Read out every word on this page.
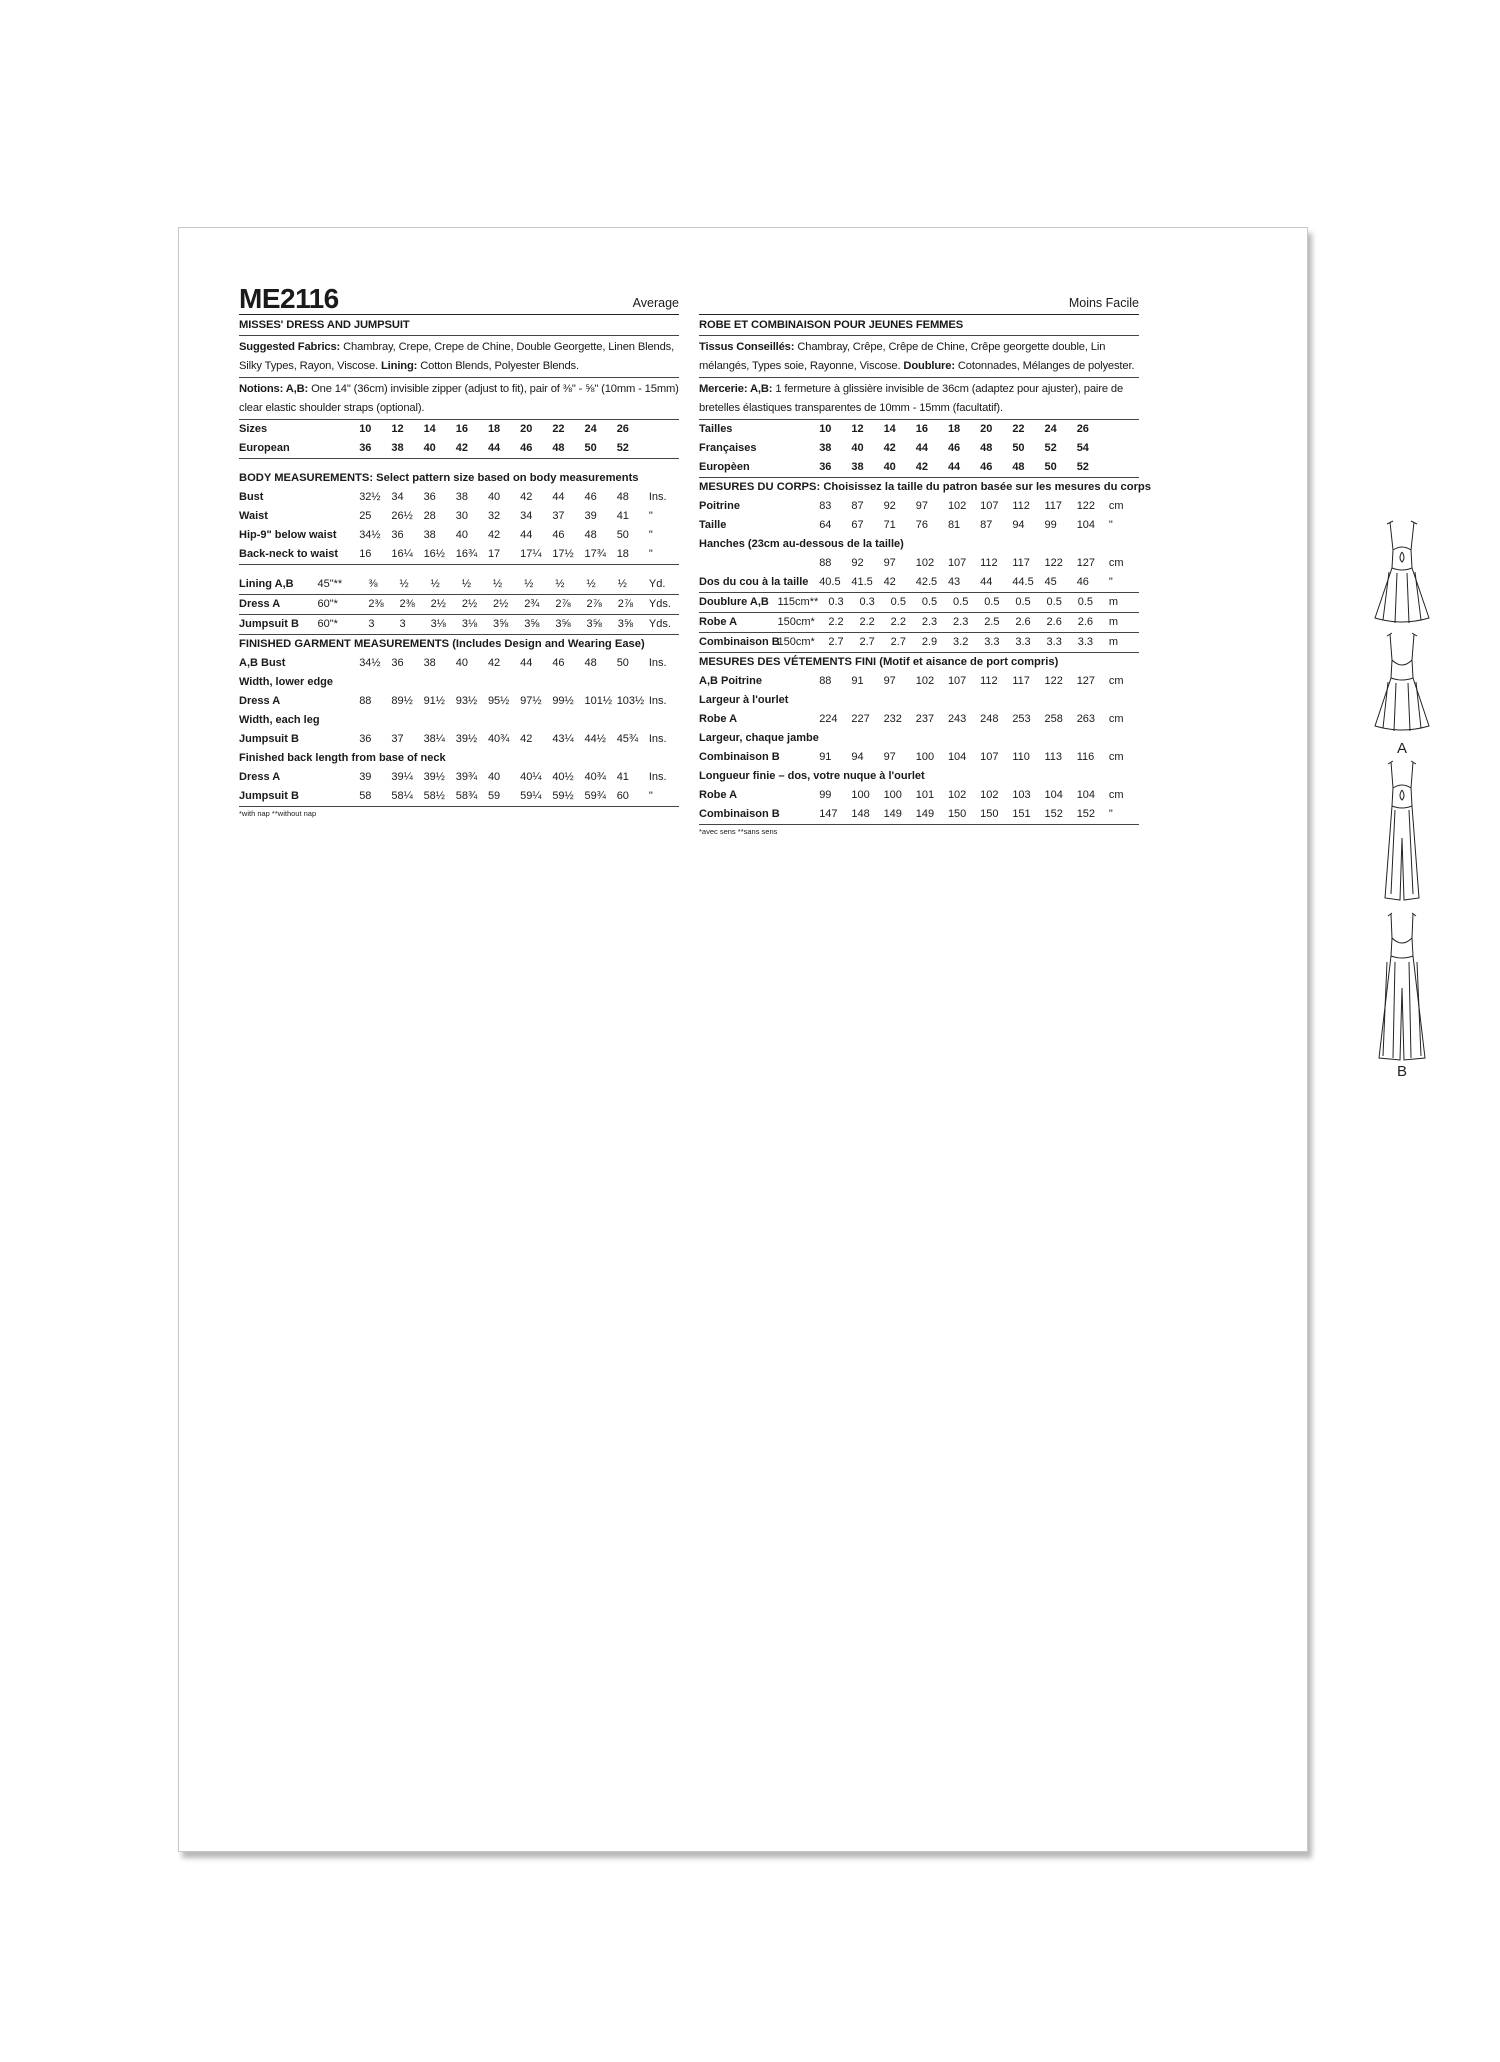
ME2116	Average
MISSES' DRESS AND JUMPSUIT
Suggested Fabrics: Chambray, Crepe, Crepe de Chine, Double Georgette, Linen Blends, Silky Types, Rayon, Viscose. Lining: Cotton Blends, Polyester Blends.
Notions: A,B: One 14" (36cm) invisible zipper (adjust to fit), pair of ⅜" - ⅝" (10mm - 15mm) clear elastic shoulder straps (optional).
Sizes	10	12	14	16	18	20	22	24	26	
European	36	38	40	42	44	46	48	50	52	
BODY MEASUREMENTS: Select pattern size based on body measurements
Bust	32½	34	36	38	40	42	44	46	48	Ins.
Waist	25	26½	28	30	32	34	37	39	41	"
Hip-9" below waist	34½	36	38	40	42	44	46	48	50	"
Back-neck to waist	16	16¼	16½	16¾	17	17¼	17½	17¾	18	"
Lining A,B	45"**	⅜	½	½	½	½	½	½	½	½	Yd.
Dress A	60"*	2⅜	2⅜	2½	2½	2½	2¾	2⅞	2⅞	2⅞	Yds.
Jumpsuit B	60"*	3	3	3⅛	3⅛	3⅝	3⅝	3⅝	3⅝	3⅝	Yds.
FINISHED GARMENT MEASUREMENTS (Includes Design and Wearing Ease)
A,B Bust	34½	36	38	40	42	44	46	48	50	Ins.
Width, lower edge										
Dress A	88	89½	91½	93½	95½	97½	99½	101½	103½	Ins.
Width, each leg										
Jumpsuit B	36	37	38¼	39½	40¾	42	43¼	44½	45¾	Ins.
Finished back length from base of neck										
Dress A	39	39¼	39½	39¾	40	40¼	40½	40¾	41	Ins.
Jumpsuit B	58	58¼	58½	58¾	59	59¼	59½	59¾	60	"
*with nap **without nap
Moins Facile
ROBE ET COMBINAISON POUR JEUNES FEMMES
Tissus Conseillés: Chambray, Crêpe, Crêpe de Chine, Crêpe georgette double, Lin mélangés, Types soie, Rayonne, Viscose. Doublure: Cotonnades, Mélanges de polyester.
Mercerie: A,B: 1 fermeture à glissière invisible de 36cm (adaptez pour ajuster), paire de bretelles élastiques transparentes de 10mm - 15mm (facultatif).
Tailles	10	12	14	16	18	20	22	24	26	
Françaises	38	40	42	44	46	48	50	52	54	
Europèen	36	38	40	42	44	46	48	50	52	
MESURES DU CORPS: Choisissez la taille du patron basée sur les mesures du corps
Poitrine	83	87	92	97	102	107	112	117	122	cm
Taille	64	67	71	76	81	87	94	99	104	"
Hanches (23cm au-dessous de la taille)										
	88	92	97	102	107	112	117	122	127	cm
Dos du cou à la taille	40.5	41.5	42	42.5	43	44	44.5	45	46	"
Doublure A,B	115cm**	0.3	0.3	0.5	0.5	0.5	0.5	0.5	0.5	0.5	m
Robe A	150cm*	2.2	2.2	2.2	2.3	2.3	2.5	2.6	2.6	2.6	m
Combinaison B	150cm*	2.7	2.7	2.7	2.9	3.2	3.3	3.3	3.3	3.3	m
MESURES DES VÉTEMENTS FINI (Motif et aisance de port compris)
A,B Poitrine	88	91	97	102	107	112	117	122	127	cm
Largeur à l'ourlet										
Robe A	224	227	232	237	243	248	253	258	263	cm
Largeur, chaque jambe										
Combinaison B	91	94	97	100	104	107	110	113	116	cm
Longueur finie – dos, votre nuque à l'ourlet										
Robe A	99	100	100	101	102	102	103	104	104	cm
Combinaison B	147	148	149	149	150	150	151	152	152	"
*avec sens **sans sens
A
B
